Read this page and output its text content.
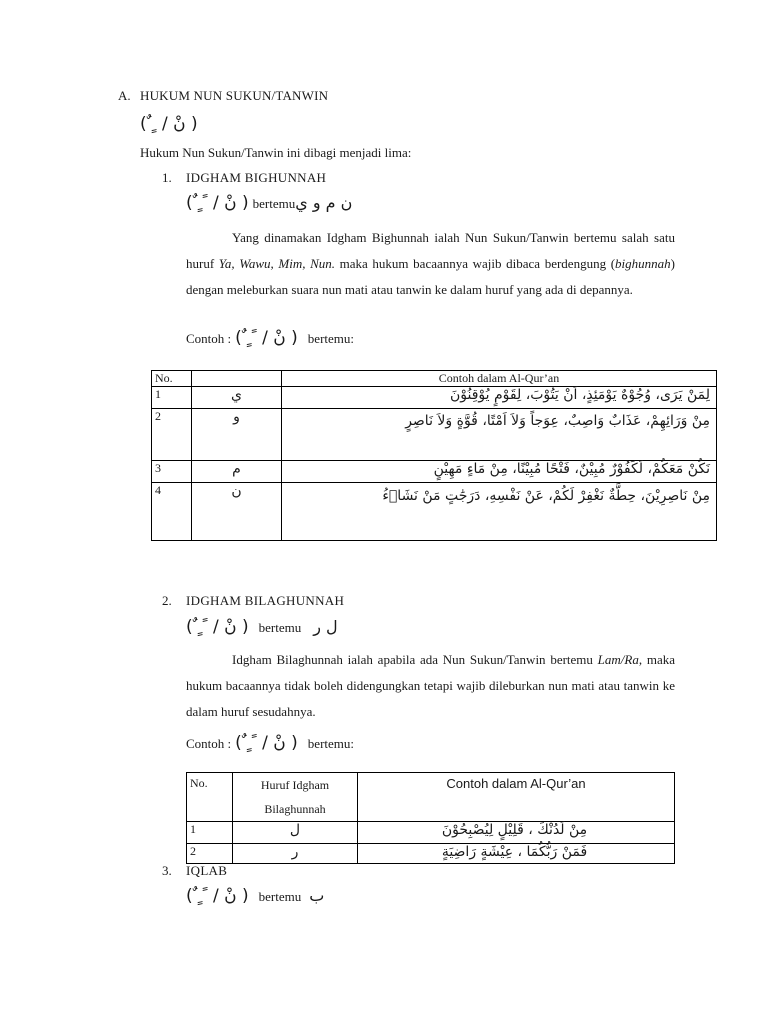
A. HUKUM NUN SUKUN/TANWIN
( ٌ ٍ / نْ )
Hukum Nun Sukun/Tanwin ini dibagi menjadi lima:
1. IDGHAM BIGHUNNAH
( ٌ ٍ ً / نْ ) bertemuن م و ي
Yang dinamakan Idgham Bighunnah ialah Nun Sukun/Tanwin bertemu salah satu huruf Ya, Wawu, Mim, Nun. maka hukum bacaannya wajib dibaca berdengung (bighunnah) dengan meleburkan suara nun mati atau tanwin ke dalam huruf yang ada di depannya.
Contoh : ( ٌ ٍ ً / نْ ) bertemu:
No.		Contoh dalam Al-Qur’an
1	ي	لِمَنْ يَرَى، وُجُوْهٌ يَوْمَئِذٍ، اَنْ يَتُوْبَ، لِقَوْمٍ يُوْقِنُوْنَ
2	و	مِنْ وَرَائِهِمْ، عَذَابٌ وَاصِبٌ، عِوَجاً وَلاَ اَمْتًا، قُوَّةٍ وَلاَ نَاصِرٍ
3	م	نَكُنْ مَعَكُمْ، لَكَفُوْرٌ مُبِيْنٌ، فَتْحًا مُبِيْنًا، مِنْ مَاءٍ مَهِيْنٍ
4	ن	مِنْ نَاصِرِيْنَ، حِطَّةٌ نَغْفِرْ لَكُمْ، عَنْ نَفْسِهِ، دَرَجَٰتٍ مَنْ نَشَاۤءُ
2. IDGHAM BILAGHUNNAH
( ٌ ٍ ً / نْ ) bertemu ل ر
Idgham Bilaghunnah ialah apabila ada Nun Sukun/Tanwin bertemu Lam/Ra, maka hukum bacaannya tidak boleh didengungkan tetapi wajib dileburkan nun mati atau tanwin ke dalam huruf sesudahnya.
Contoh : ( ٌ ٍ ً / نْ ) bertemu:
No.	Huruf Idgham Bilaghunnah	Contoh dalam Al-Qur’an
1	ل	مِنْ لَدُنْكَ ، قَلِيْلٍ لِيُصْبِحُوْنَ
2	ر	فَمَنْ رَبُّكُمَا ، عِيْشَةٍ رَاضِيَةٍ
3. IQLAB
( ٌ ٍ ً / نْ ) bertemu ب
